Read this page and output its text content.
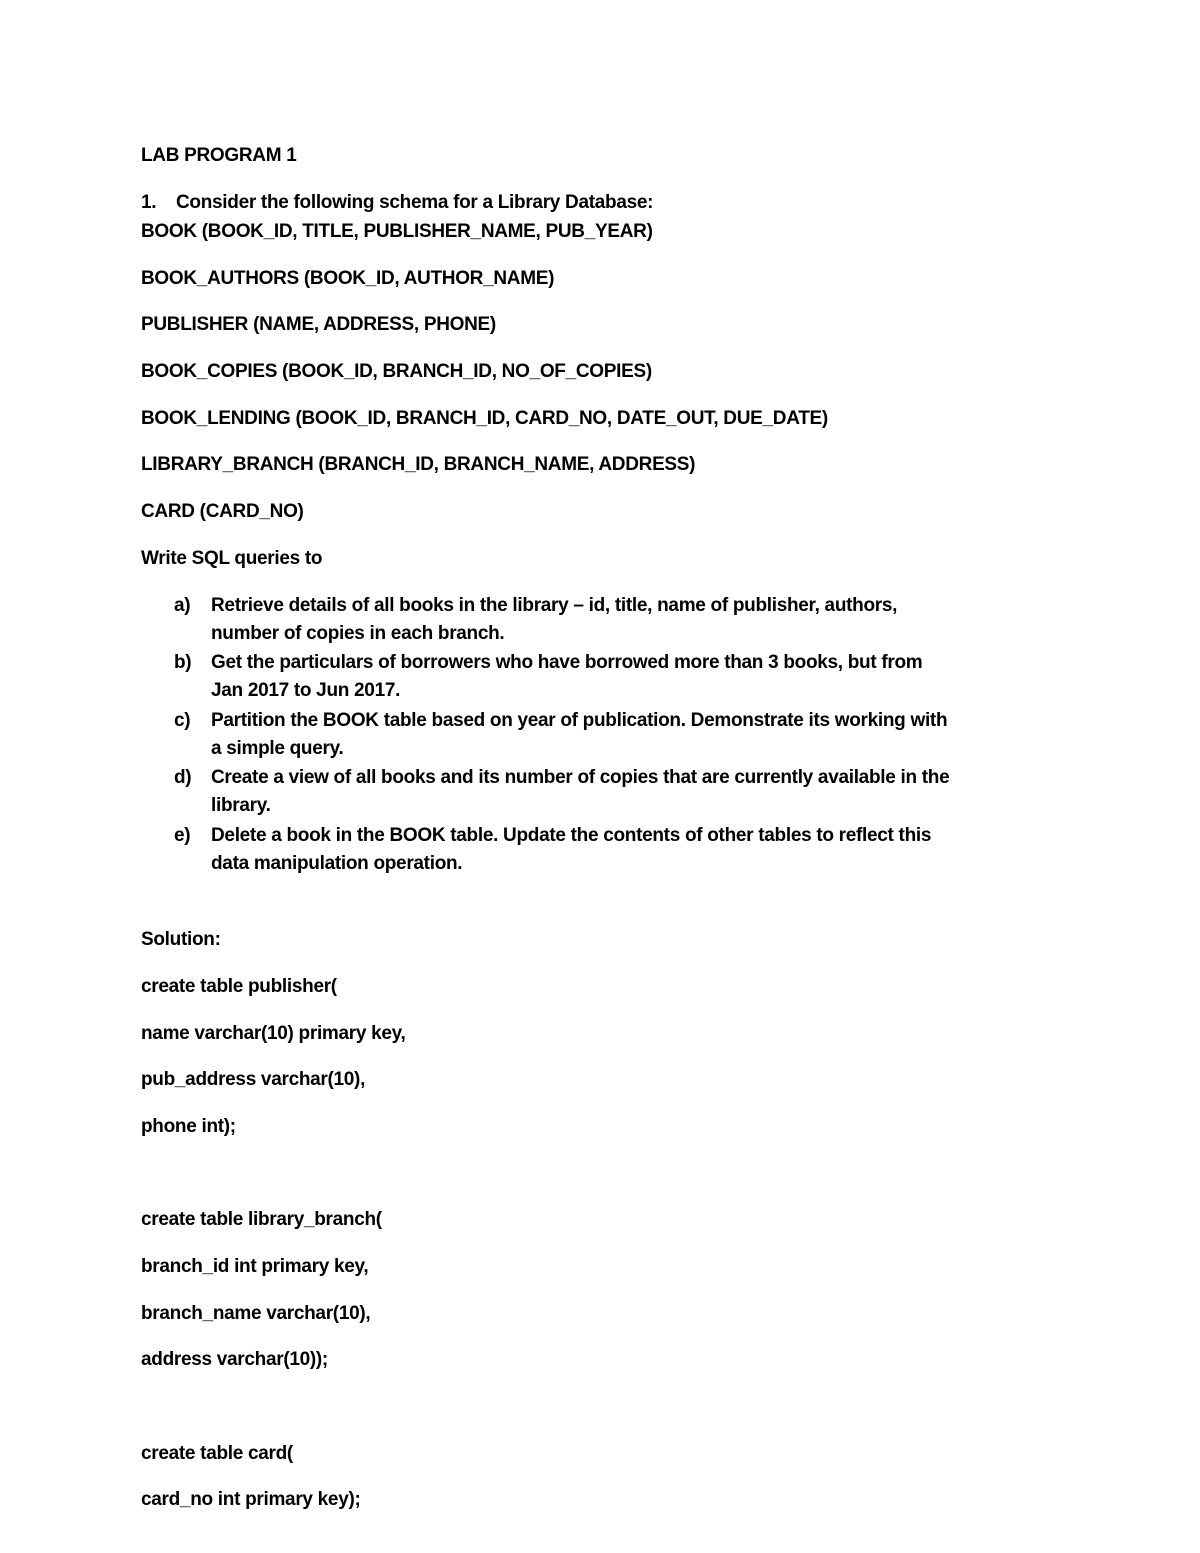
LAB PROGRAM 1
1. Consider the following schema for a Library Database:
BOOK (BOOK_ID, TITLE, PUBLISHER_NAME, PUB_YEAR)
BOOK_AUTHORS (BOOK_ID, AUTHOR_NAME)
PUBLISHER (NAME, ADDRESS, PHONE)
BOOK_COPIES (BOOK_ID, BRANCH_ID, NO_OF_COPIES)
BOOK_LENDING (BOOK_ID, BRANCH_ID, CARD_NO, DATE_OUT, DUE_DATE)
LIBRARY_BRANCH (BRANCH_ID, BRANCH_NAME, ADDRESS)
CARD (CARD_NO)
Write SQL queries to
a) Retrieve details of all books in the library – id, title, name of publisher, authors,
number of copies in each branch.
b) Get the particulars of borrowers who have borrowed more than 3 books, but from
Jan 2017 to Jun 2017.
c) Partition the BOOK table based on year of publication. Demonstrate its working with
a simple query.
d) Create a view of all books and its number of copies that are currently available in the
library.
e) Delete a book in the BOOK table. Update the contents of other tables to reflect this
data manipulation operation.
Solution:
create table publisher(
name varchar(10) primary key,
pub_address varchar(10),
phone int);
create table library_branch(
branch_id int primary key,
branch_name varchar(10),
address varchar(10));
create table card(
card_no int primary key);
